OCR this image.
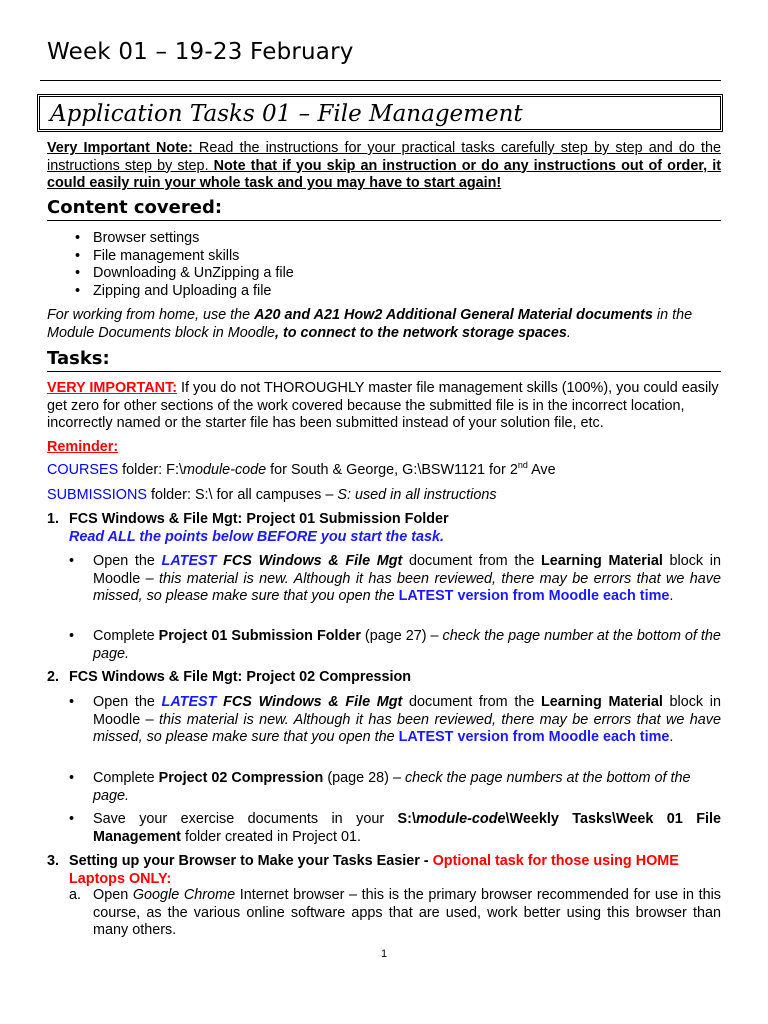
Week 01 – 19-23 February
Application Tasks 01 – File Management
Very Important Note: Read the instructions for your practical tasks carefully step by step and do the instructions step by step. Note that if you skip an instruction or do any instructions out of order, it could easily ruin your whole task and you may have to start again!
Content covered:
• Browser settings
• File management skills
• Downloading & UnZipping a file
• Zipping and Uploading a file
For working from home, use the A20 and A21 How2 Additional General Material documents in the Module Documents block in Moodle, to connect to the network storage spaces.
Tasks:
VERY IMPORTANT: If you do not THOROUGHLY master file management skills (100%), you could easily get zero for other sections of the work covered because the submitted file is in the incorrect location, incorrectly named or the starter file has been submitted instead of your solution file, etc.
Reminder:
COURSES folder: F:\module-code for South & George, G:\BSW1121 for 2nd Ave
SUBMISSIONS folder: S:\ for all campuses – S: used in all instructions
1. FCS Windows & File Mgt: Project 01 Submission Folder
Read ALL the points below BEFORE you start the task.
• Open the LATEST FCS Windows & File Mgt document from the Learning Material block in Moodle – this material is new. Although it has been reviewed, there may be errors that we have missed, so please make sure that you open the LATEST version from Moodle each time.
• Complete Project 01 Submission Folder (page 27) – check the page number at the bottom of the page.
2. FCS Windows & File Mgt: Project 02 Compression
• Open the LATEST FCS Windows & File Mgt document from the Learning Material block in Moodle – this material is new. Although it has been reviewed, there may be errors that we have missed, so please make sure that you open the LATEST version from Moodle each time.
• Complete Project 02 Compression (page 28) – check the page numbers at the bottom of the page.
• Save your exercise documents in your S:\module-code\Weekly Tasks\Week 01 File Management folder created in Project 01.
3. Setting up your Browser to Make your Tasks Easier - Optional task for those using HOME
Laptops ONLY:
a. Open Google Chrome Internet browser – this is the primary browser recommended for use in this course, as the various online software apps that are used, work better using this browser than many others.
1
